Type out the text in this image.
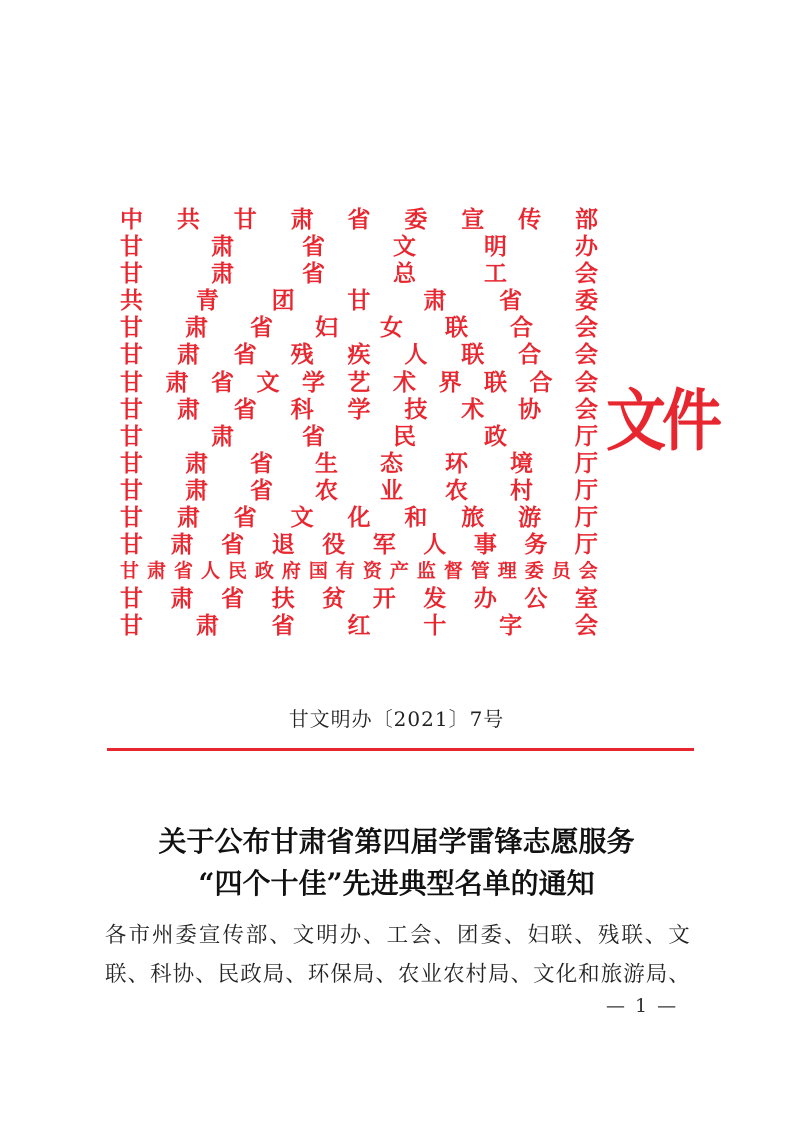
中 共 甘 肃 省 委 宣 传 部
甘	肃	省	文	明	办
甘	肃	省	总	工	会
共 青 团 甘 肃 省 委
甘 肃 省 妇 女 联 合 会
甘 肃 省 残 疾 人 联 合 会
甘 肃 省 文 学 艺 术 界 联 合 会
甘 肃 省 科 学 技 术 协 会
甘	肃	省	民	政	厅
甘 肃 省 生 态 环 境 厅
甘 肃 省 农 业 农 村 厅
甘 肃 省 文 化 和 旅 游 厅
甘 肃 省 退 役 军 人 事 务 厅
甘 肃 省 人 民 政 府 国 有 资 产 监 督 管 理 委 员 会
甘 肃 省 扶 贫 开 发 办 公 室
甘 肃 省 红 十 字 会
文件
甘文明办〔2021〕7号
关于公布甘肃省第四届学雷锋志愿服务
“四个十佳”先进典型名单的通知
各 市 州 委 宣 传 部 、 文 明 办 、 工 会 、 团 委 、 妇 联 、 残 联 、 文
联 、 科 协 、 民 政 局 、 环 保 局 、 农 业 农 村 局 、 文 化 和 旅 游 局 、
— 1 —
